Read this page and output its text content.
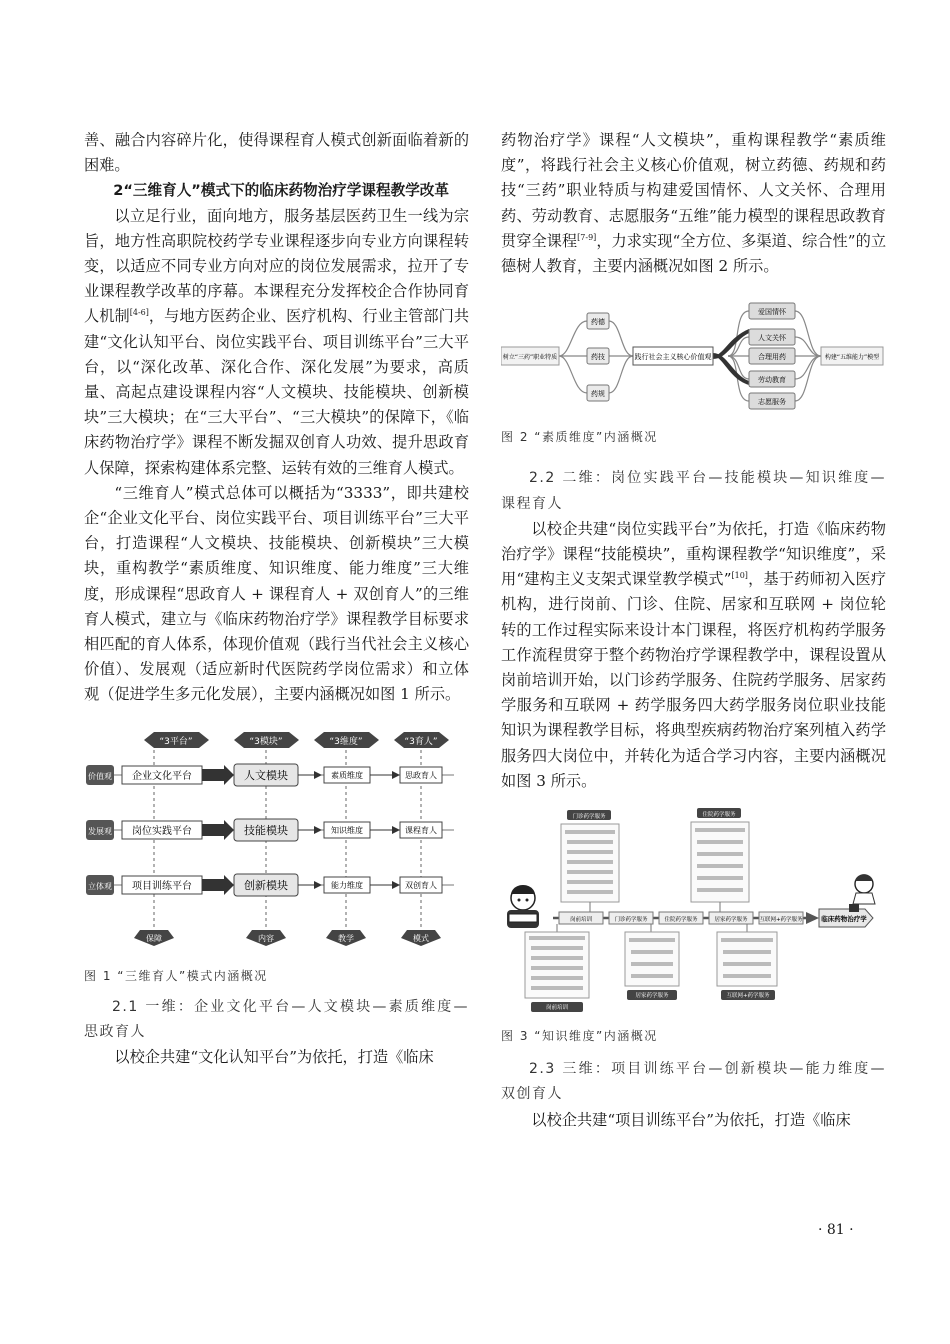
善、融合内容碎片化，使得课程育人模式创新面临着新的困难。

2“三维育人”模式下的临床药物治疗学课程教学改革

以立足行业，面向地方，服务基层医药卫生一线为宗旨，地方性高职院校药学专业课程逐步向专业方向课程转变，以适应不同专业方向对应的岗位发展需求，拉开了专业课程教学改革的序幕。本课程充分发挥校企合作协同育人机制[4-6]，与地方医药企业、医疗机构、行业主管部门共建“文化认知平台、岗位实践平台、项目训练平台”三大平台，以“深化改革、深化合作、深化发展”为要求，高质量、高起点建设课程内容“人文模块、技能模块、创新模块”三大模块；在“三大平台”、“三大模块”的保障下，《临床药物治疗学》课程不断发掘双创育人功效、提升思政育人保障，探索构建体系完整、运转有效的三维育人模式。

“三维育人”模式总体可以概括为“3333”，即共建校企“企业文化平台、岗位实践平台、项目训练平台”三大平台，打造课程“人文模块、技能模块、创新模块”三大模块，重构教学“素质维度、知识维度、能力维度”三大维度，形成课程“思政育人 + 课程育人 + 双创育人”的三维育人模式，建立与《临床药物治疗学》课程教学目标要求相匹配的育人体系，体现价值观（践行当代社会主义核心价值）、发展观（适应新时代医院药学岗位需求）和立体观（促进学生多元化发展），主要内涵概况如图 1 所示。

“3平台”	“3模块”	“3维度”	“3育人”
价值观 企业文化平台	人文模块	素质维度	思政育人
发展观 岗位实践平台	技能模块	知识维度	课程育人
立体观 项目训练平台	创新模块	能力维度	双创育人
保障	内容	教学	模式

图 1 “三维育人”模式内涵概况

2.1 一维：企业文化平台—人文模块—素质维度—思政育人

以校企共建“文化认知平台”为依托，打造《临床

药物治疗学》课程“人文模块”，重构课程教学“素质维度”，将践行社会主义核心价值观，树立药德、药规和药技“三药”职业特质与构建爱国情怀、人文关怀、合理用药、劳动教育、志愿服务“五维”能力模型的课程思政教育贯穿全课程[7-9]，力求实现“全方位、多渠道、综合性”的立德树人教育，主要内涵概况如图 2 所示。

树立“三药”职业特质
药德
药技
药规
践行社会主义核心价值观
爱国情怀
人文关怀
合理用药
劳动教育
志愿服务
构建“五维能力”模型

图 2 “素质维度”内涵概况

2.2 二维：岗位实践平台—技能模块—知识维度—课程育人

以校企共建“岗位实践平台”为依托，打造《临床药物治疗学》课程“技能模块”，重构课程教学“知识维度”，采用“建构主义支架式课堂教学模式”[10]，基于药师初入医疗机构，进行岗前、门诊、住院、居家和互联网 + 岗位轮转的工作过程实际来设计本门课程，将医疗机构药学服务工作流程贯穿于整个药物治疗学课程教学中，课程设置从岗前培训开始，以门诊药学服务、住院药学服务、居家药学服务和互联网 + 药学服务四大药学服务岗位职业技能知识为课程教学目标，将典型疾病药物治疗案列植入药学服务四大岗位中，并转化为适合学习内容，主要内涵概况如图 3 所示。

岗前培训	门诊药学服务	住院药学服务	居家药学服务 互联网+药学服务	临床药物治疗学
门诊药学服务	住院药学服务
岗前培训
居家药学服务	互联网+药学服务

图 3 “知识维度”内涵概况

2.3 三维：项目训练平台—创新模块—能力维度—双创育人

以校企共建“项目训练平台”为依托，打造《临床

· 81 ·
